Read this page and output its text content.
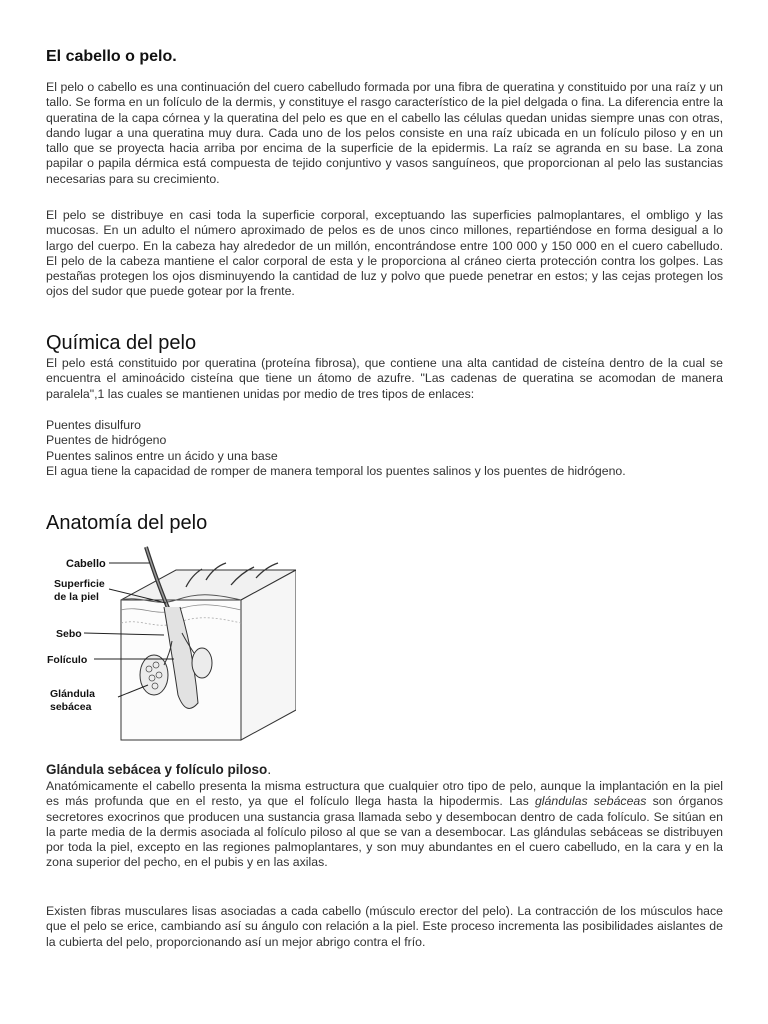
El cabello o pelo.

El pelo o cabello es una continuación del cuero cabelludo formada por una fibra de queratina y constituido por una raíz y un tallo. Se forma en un folículo de la dermis, y constituye el rasgo característico de la piel delgada o fina. La diferencia entre la queratina de la capa córnea y la queratina del pelo es que en el cabello las células quedan unidas siempre unas con otras, dando lugar a una queratina muy dura. Cada uno de los pelos consiste en una raíz ubicada en un folículo piloso y en un tallo que se proyecta hacia arriba por encima de la superficie de la epidermis. La raíz se agranda en su base. La zona papilar o papila dérmica está compuesta de tejido conjuntivo y vasos sanguíneos, que proporcionan al pelo las sustancias necesarias para su crecimiento.

El pelo se distribuye en casi toda la superficie corporal, exceptuando las superficies palmoplantares, el ombligo y las mucosas. En un adulto el número aproximado de pelos es de unos cinco millones, repartiéndose en forma desigual a lo largo del cuerpo. En la cabeza hay alrededor de un millón, encontrándose entre 100 000 y 150 000 en el cuero cabelludo. El pelo de la cabeza mantiene el calor corporal de esta y le proporciona al cráneo cierta protección contra los golpes. Las pestañas protegen los ojos disminuyendo la cantidad de luz y polvo que puede penetrar en estos; y las cejas protegen los ojos del sudor que puede gotear por la frente.

Química del pelo

El pelo está constituido por queratina (proteína fibrosa), que contiene una alta cantidad de cisteína dentro de la cual se encuentra el aminoácido cisteína que tiene un átomo de azufre. "Las cadenas de queratina se acomodan de manera paralela",1 las cuales se mantienen unidas por medio de tres tipos de enlaces:

Puentes disulfuro
Puentes de hidrógeno
Puentes salinos entre un ácido y una base
El agua tiene la capacidad de romper de manera temporal los puentes salinos y los puentes de hidrógeno.
Anatomía del pelo
Cabello
Superficie
de la piel
Sebo
Folículo
Glándula
sebácea
Glándula sebácea y folículo piloso.

Anatómicamente el cabello presenta la misma estructura que cualquier otro tipo de pelo, aunque la implantación en la piel es más profunda que en el resto, ya que el folículo llega hasta la hipodermis. Las glándulas sebáceas son órganos secretores exocrinos que producen una sustancia grasa llamada sebo y desembocan dentro de cada folículo. Se sitúan en la parte media de la dermis asociada al folículo piloso al que se van a desembocar. Las glándulas sebáceas se distribuyen por toda la piel, excepto en las regiones palmoplantares, y son muy abundantes en el cuero cabelludo, en la cara y en la zona superior del pecho, en el pubis y en las axilas.

Existen fibras musculares lisas asociadas a cada cabello (músculo erector del pelo). La contracción de los músculos hace que el pelo se erice, cambiando así su ángulo con relación a la piel. Este proceso incrementa las posibilidades aislantes de la cubierta del pelo, proporcionando así un mejor abrigo contra el frío.
